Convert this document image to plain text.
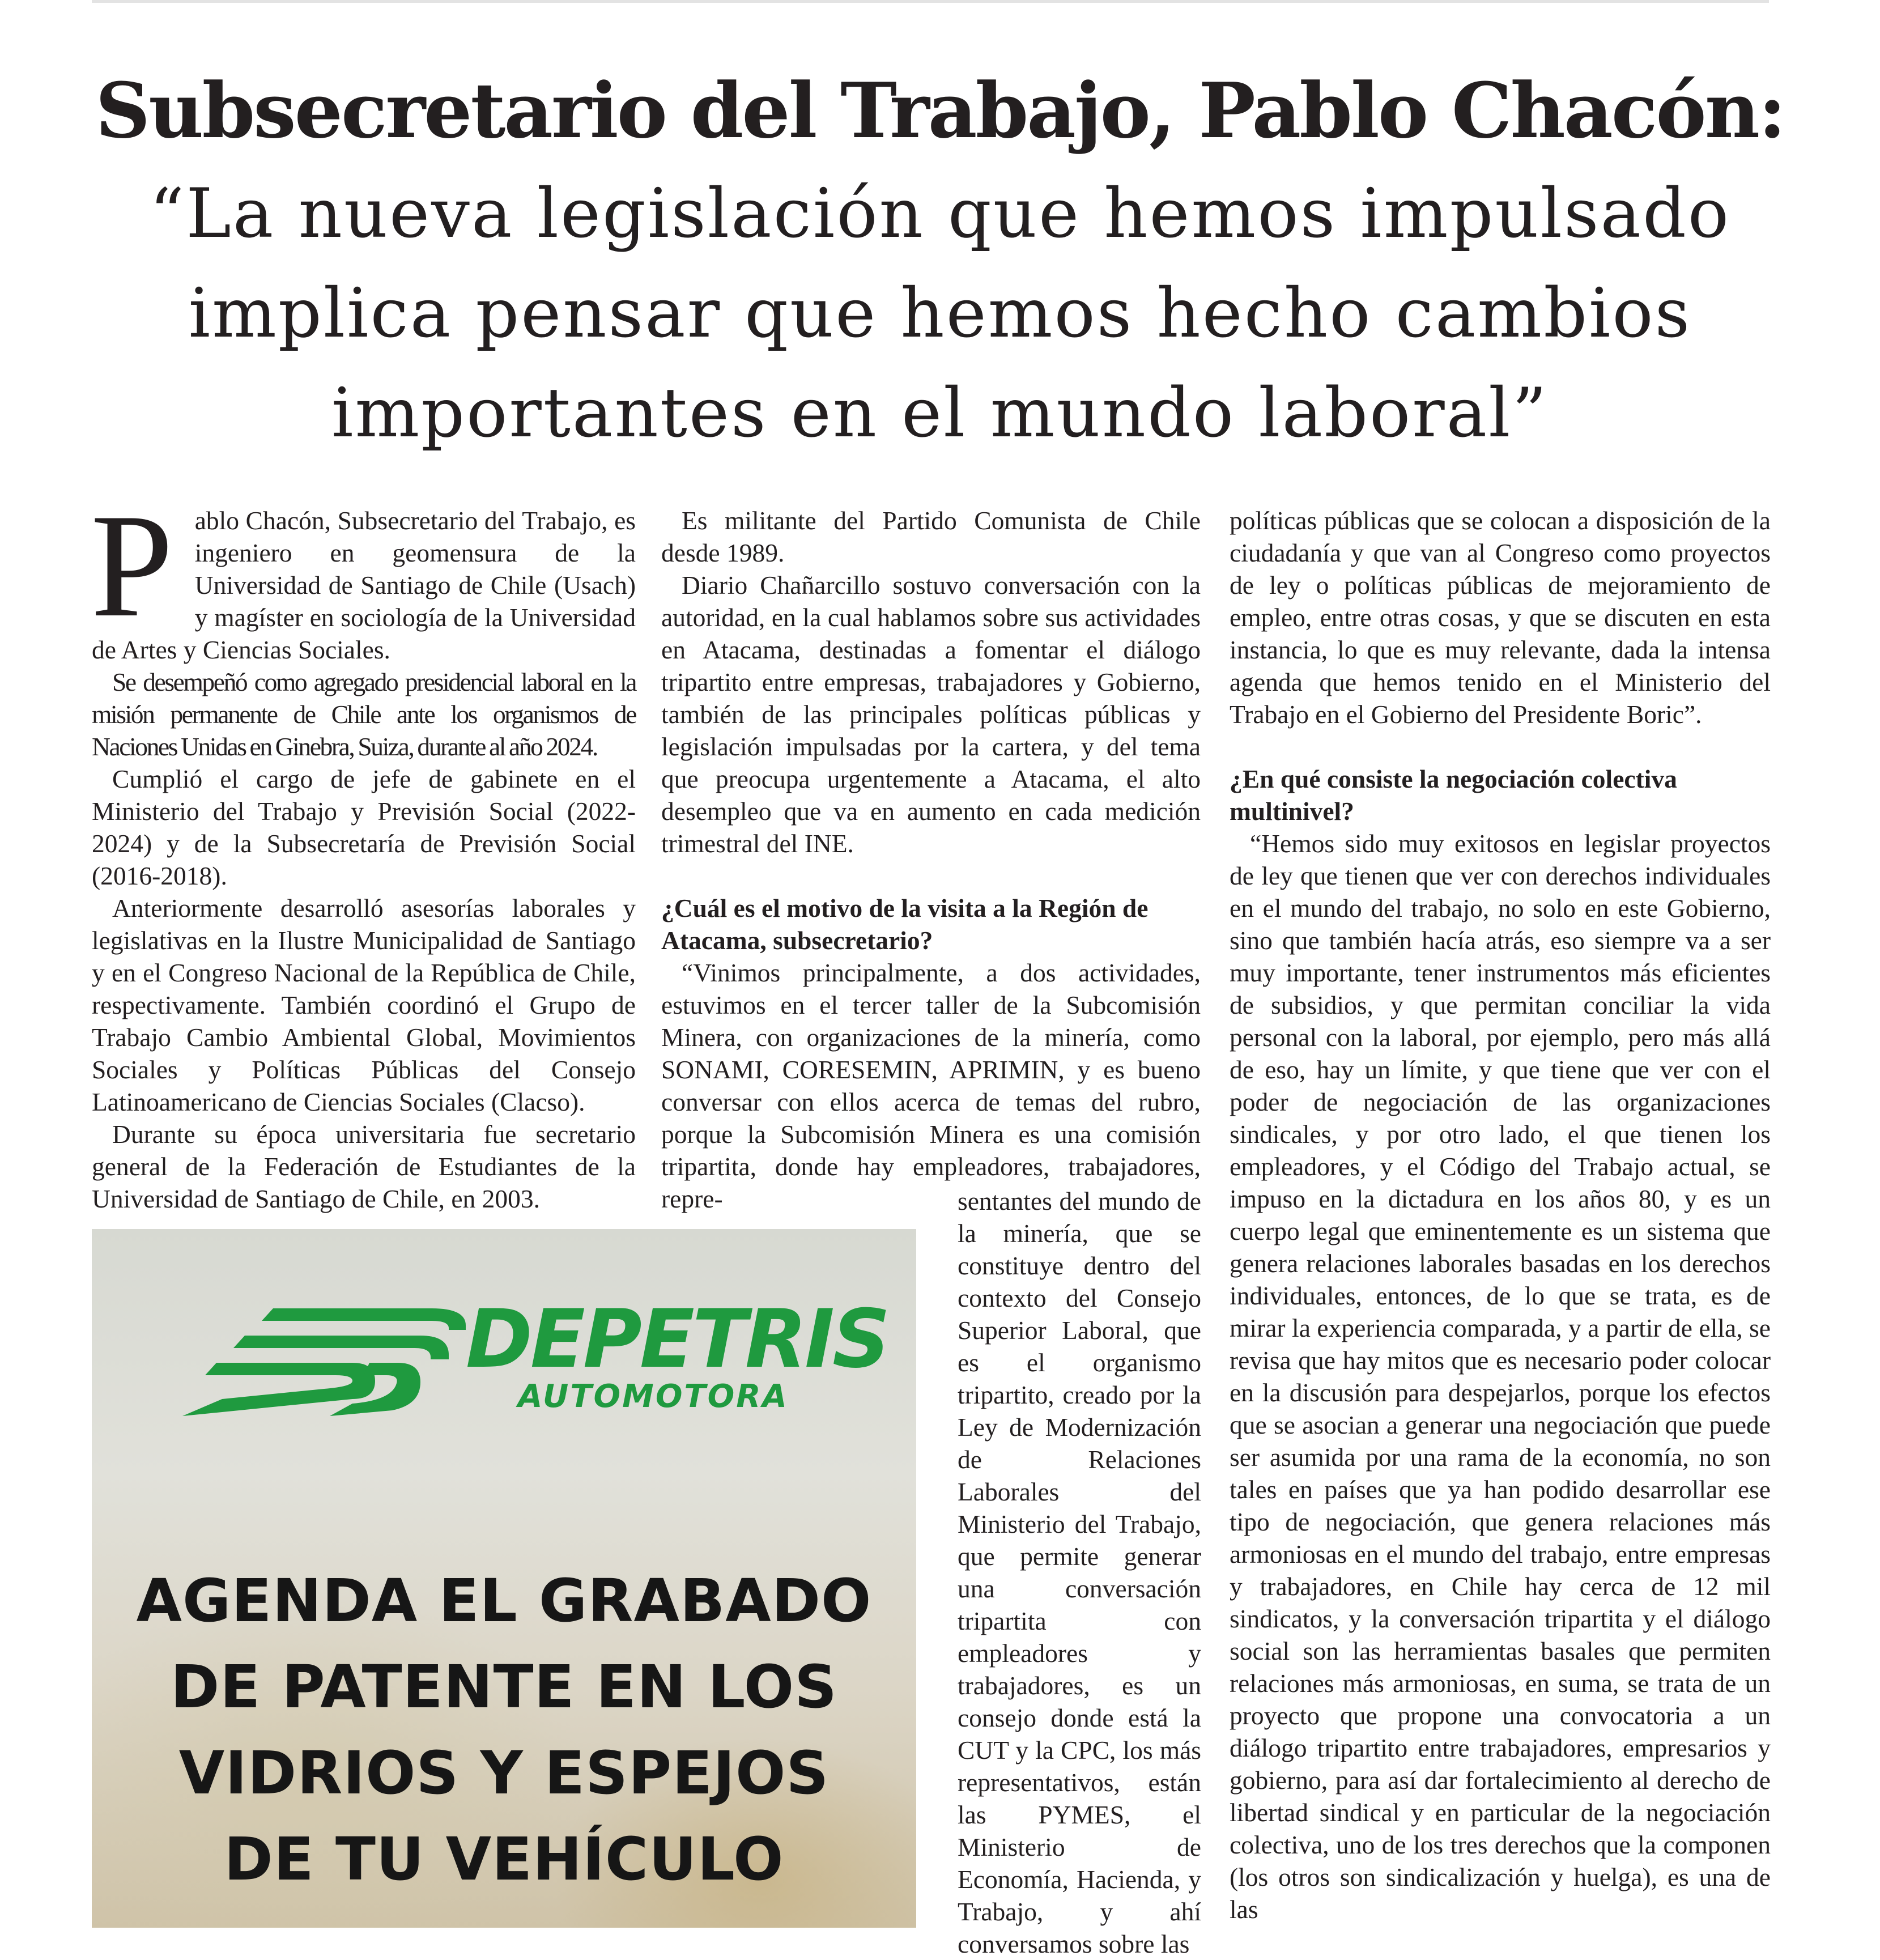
Subsecretario del Trabajo, Pablo Chacón:
“La nueva legislación que hemos impulsado
implica pensar que hemos hecho cambios
importantes en el mundo laboral”

Pablo Chacón, Subsecretario del Trabajo, es ingeniero en geomensura de la Universidad de Santiago de Chile (Usach) y magíster en sociología de la Universidad de Artes y Ciencias Sociales.

Se desempeñó como agregado presidencial laboral en la misión permanente de Chile ante los organismos de Naciones Unidas en Ginebra, Suiza, durante al año 2024.

Cumplió el cargo de jefe de gabinete en el Ministerio del Trabajo y Previsión Social (2022-2024) y de la Subsecretaría de Previsión Social (2016-2018).

Anteriormente desarrolló asesorías laborales y legislativas en la Ilustre Municipalidad de Santiago y en el Congreso Nacional de la República de Chile, respectivamente. También coordinó el Grupo de Trabajo Cambio Ambiental Global, Movimientos Sociales y Políticas Públicas del Consejo Latinoamericano de Ciencias Sociales (Clacso).

Durante su época universitaria fue secretario general de la Federación de Estudiantes de la Universidad de Santiago de Chile, en 2003.

Es militante del Partido Comunista de Chile desde 1989.

Diario Chañarcillo sostuvo conversación con la autoridad, en la cual hablamos sobre sus actividades en Atacama, destinadas a fomentar el diálogo tripartito entre empresas, trabajadores y Gobierno, también de las principales políticas públicas y legislación impulsadas por la cartera, y del tema que preocupa urgentemente a Atacama, el alto desempleo que va en aumento en cada medición trimestral del INE.

¿Cuál es el motivo de la visita a la Región de Atacama, subsecretario?

“Vinimos principalmente, a dos actividades, estuvimos en el tercer taller de la Subcomisión Minera, con organizaciones de la minería, como SONAMI, CORESEMIN, APRIMIN, y es bueno conversar con ellos acerca de temas del rubro, porque la Subcomisión Minera es una comisión tripartita, donde hay empleadores, trabajadores, repre-	sentantes del mundo de la minería, que se constituye dentro del contexto del Consejo Superior Laboral, que es el organismo tripartito, creado por la Ley de Modernización de Relaciones Laborales del Ministerio del Trabajo, que permite generar una conversación tripartita con empleadores y trabajadores, es un consejo donde está la CUT y la CPC, los más representativos, están las PYMES, el Ministerio de Economía, Hacienda, y Trabajo, y ahí conversamos sobre las

políticas públicas que se colocan a disposición de la ciudadanía y que van al Congreso como proyectos de ley o políticas públicas de mejoramiento de empleo, entre otras cosas, y que se discuten en esta instancia, lo que es muy relevante, dada la intensa agenda que hemos tenido en el Ministerio del Trabajo en el Gobierno del Presidente Boric”.

¿En qué consiste la negociación colectiva multinivel?

“Hemos sido muy exitosos en legislar proyectos de ley que tienen que ver con derechos individuales en el mundo del trabajo, no solo en este Gobierno, sino que también hacía atrás, eso siempre va a ser muy importante, tener instrumentos más eficientes de subsidios, y que permitan conciliar la vida personal con la laboral, por ejemplo, pero más allá de eso, hay un límite, y que tiene que ver con el poder de negociación de las organizaciones sindicales, y por otro lado, el que tienen los empleadores, y el Código del Trabajo actual, se impuso en la dictadura en los años 80, y es un cuerpo legal que eminentemente es un sistema que genera relaciones laborales basadas en los derechos individuales, entonces, de lo que se trata, es de mirar la experiencia comparada, y a partir de ella, se revisa que hay mitos que es necesario poder colocar en la discusión para despejarlos, porque los efectos que se asocian a generar una negociación que puede ser asumida por una rama de la economía, no son tales en países que ya han podido desarrollar ese tipo de negociación, que genera relaciones más armoniosas en el mundo del trabajo, entre empresas y trabajadores, en Chile hay cerca de 12 mil sindicatos, y la conversación tripartita y el diálogo social son las herramientas basales que permiten relaciones más armoniosas, en suma, se trata de un proyecto que propone una convocatoria a un diálogo tripartito entre trabajadores, empresarios y gobierno, para así dar fortalecimiento al derecho de libertad sindical y en particular de la negociación colectiva, uno de los tres derechos que la componen (los otros son sindicalización y huelga), es una de las

DEPETRIS

AUTOMOTORA

AGENDA EL GRABADO
DE PATENTE EN LOS
VIDRIOS Y ESPEJOS
DE TU VEHÍCULO
